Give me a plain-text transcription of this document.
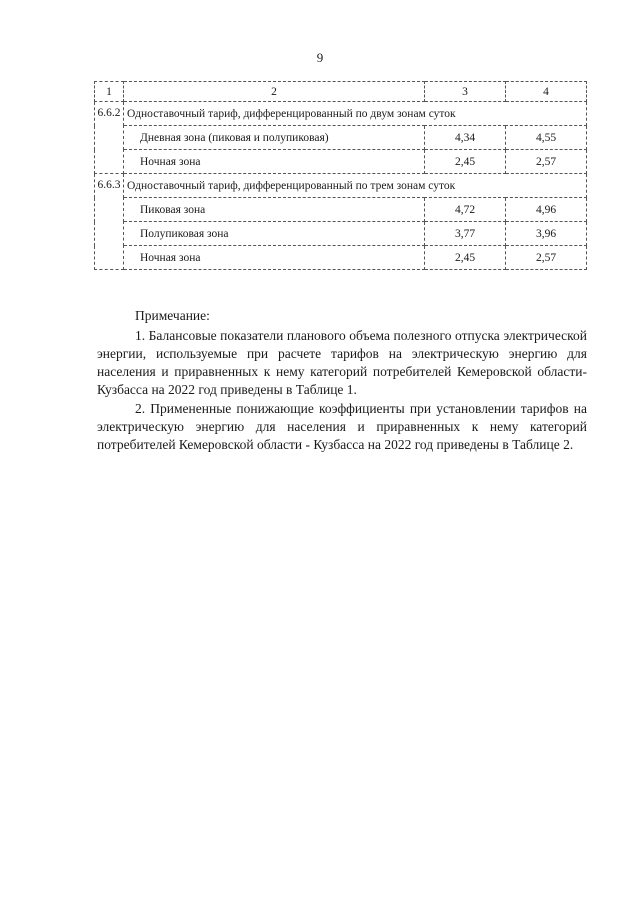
9
1	2	3	4
6.6.2	Одноставочный тариф, дифференцированный по двум зонам суток		
	Дневная зона (пиковая и полупиковая)	4,34	4,55
	Ночная зона	2,45	2,57
6.6.3	Одноставочный тариф, дифференцированный по трем зонам суток		
	Пиковая зона	4,72	4,96
	Полупиковая зона	3,77	3,96
	Ночная зона	2,45	2,57

Примечание:

1. Балансовые показатели планового объема полезного отпуска электрической энергии, используемые при расчете тарифов на электрическую энергию для населения и приравненных к нему категорий потребителей Кемеровской области-Кузбасса на 2022 год приведены в Таблице 1.

2. Примененные понижающие коэффициенты при установлении тарифов на электрическую энергию для населения и приравненных к нему категорий потребителей Кемеровской области - Кузбасса на 2022 год приведены в Таблице 2.
